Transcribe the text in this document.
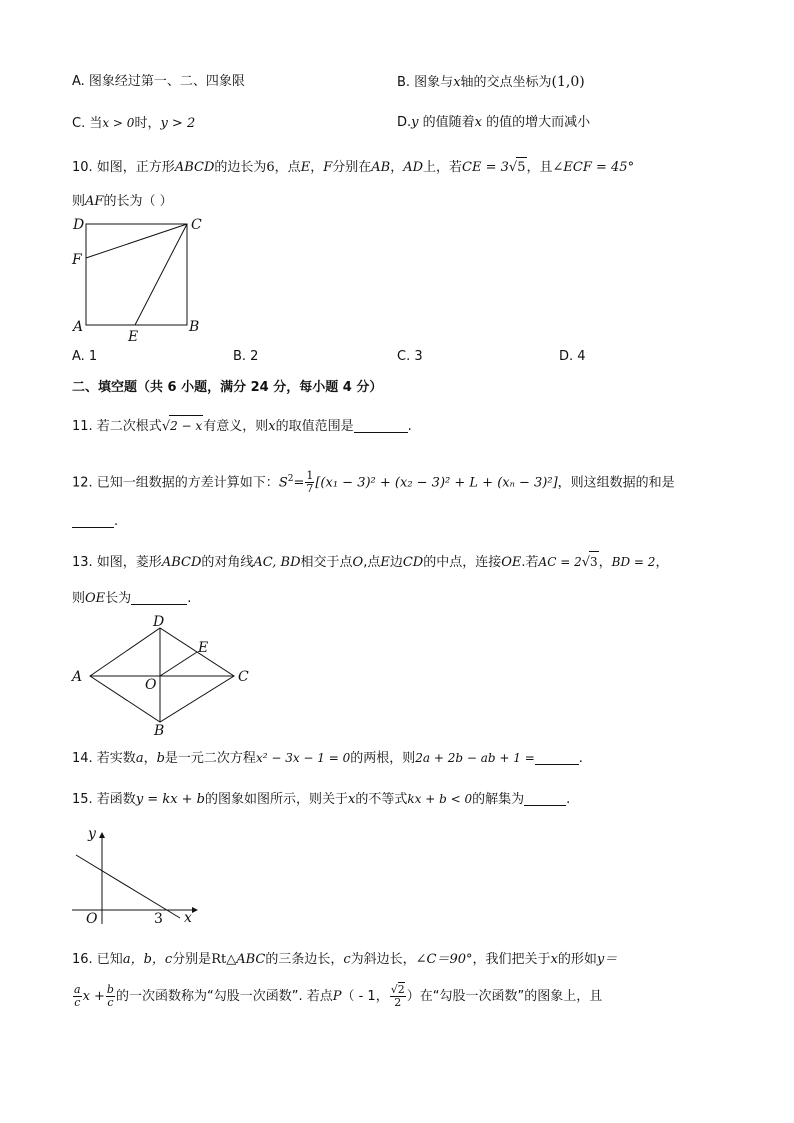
A. 图象经过第一、二、四象限	B. 图象与x轴的交点坐标为(1,0)
C. 当x > 0时，y > 2	D.y 的值随着x 的值的增大而减小
10. 如图，正方形ABCD的边长为6，点E，F分别在AB，AD上，若CE = 3√5，且∠ECF = 45°
则AF的长为（ ）
D	C
F
A
E
B
A. 1	B. 2	C. 3	D. 4
二、填空题（共 6 小题，满分 24 分，每小题 4 分）
11. 若二次根式√2 − x有意义，则x的取值范围是	.
12. 已知一组数据的方差计算如下：$S^2= \frac{1}{7} [(x_1 - 3)^2 + (x_2 - 3)^2 + L + (x_n - 3)^2]$，则这组数据的和是
.
13. 如图，菱形ABCD的对角线AC, BD相交于点O,点E边CD的中点，连接OE.若AC = 2√3，BD = 2，
则OE长为	.
D
E
A	O	C
B
14. 若实数a，b是一元二次方程x² − 3x − 1 = 0的两根，则2a + 2b − ab + 1 =	.
15. 若函数y = kx + b的图象如图所示，则关于x的不等式kx + b < 0的解集为	.
y
x
O	3
16. 已知a，b，c分别是Rt△ABC的三条边长，c为斜边长，∠C＝90°，我们把关于x的形如y＝
$\frac{a}{c}$ $x + \frac{b}{c}$ 的一次函数称为“勾股一次函数”. 若点P（ - 1， $\frac{√2}{2}$ ）在“勾股一次函数”的图象上，且
